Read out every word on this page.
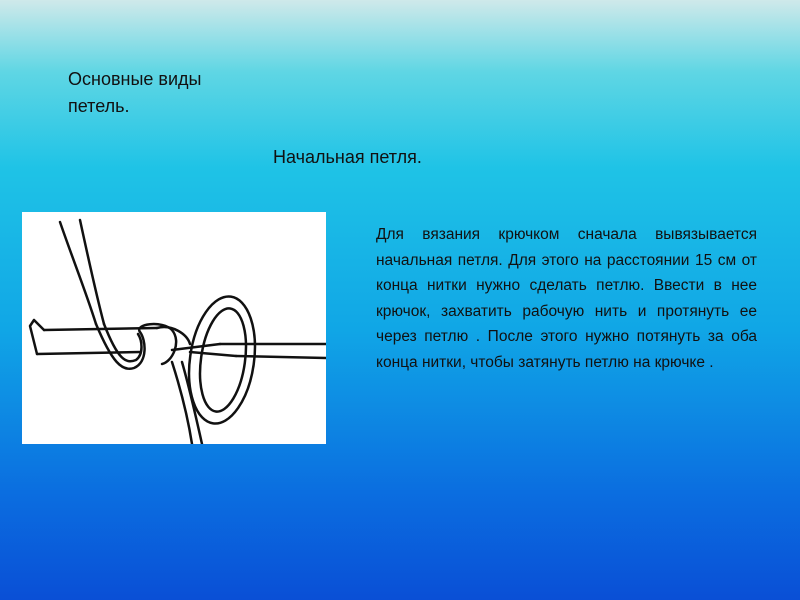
Основные виды петель.
Начальная петля.
Для вязания крючком сначала вывязывается начальная петля. Для этого на расстоянии 15 см от конца нитки нужно сделать петлю. Ввести в нее крючок, захватить рабочую нить и протянуть ее через петлю . После этого нужно потянуть за оба конца нитки, чтобы затянуть петлю на крючке .
